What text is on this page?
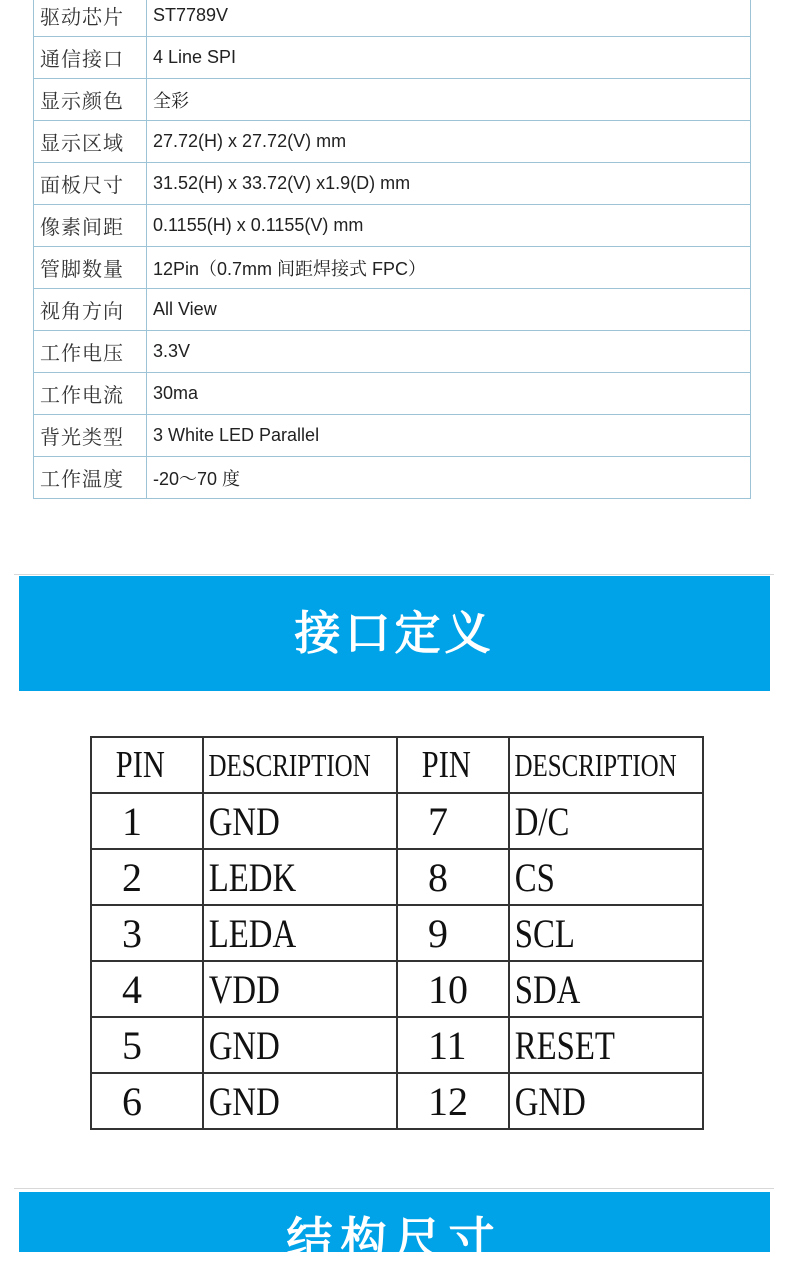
驱动芯片	ST7789V
通信接口	4 Line SPI
显示颜色	全彩
显示区域	27.72(H) x 27.72(V) mm
面板尺寸	31.52(H) x 33.72(V) x1.9(D) mm
像素间距	0.1155(H) x 0.1155(V) mm
管脚数量	12Pin（0.7mm 间距焊接式 FPC）
视角方向	All View
工作电压	3.3V
工作电流	30ma
背光类型	3 White LED Parallel
工作温度	-20～70 度
接口定义
PIN	DESCRIPTION	PIN	DESCRIPTION
1	GND	7	D/C
2	LEDK	8	CS
3	LEDA	9	SCL
4	VDD	10	SDA
5	GND	11	RESET
6	GND	12	GND
结构尺寸
